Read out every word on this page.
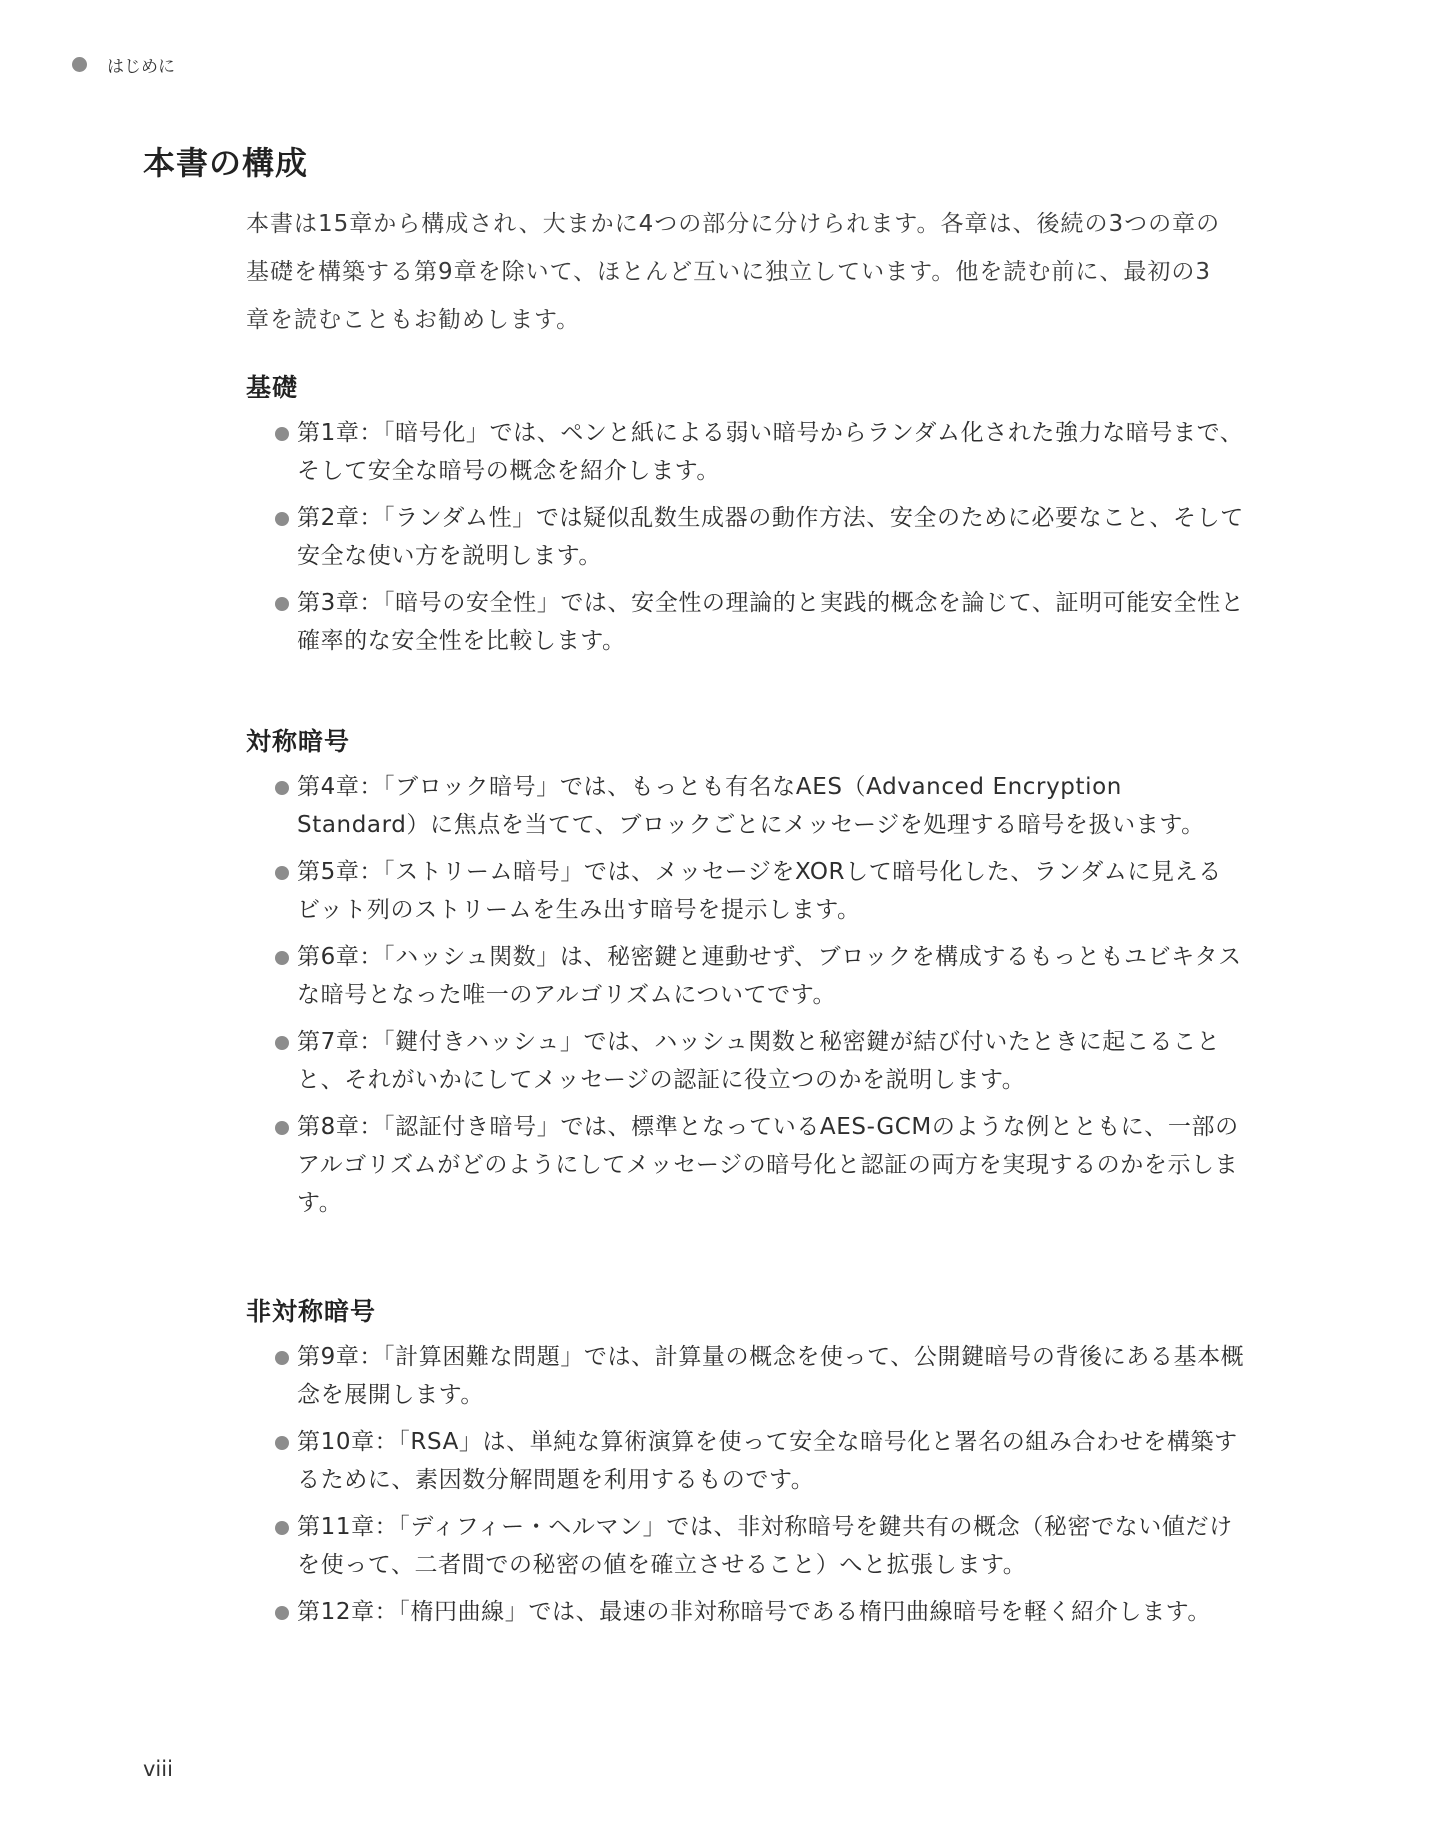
はじめに
本書の構成

本書は15章から構成され、大まかに4つの部分に分けられます。各章は、後続の3つの章の基礎を構築する第9章を除いて、ほとんど互いに独立しています。他を読む前に、最初の3章を読むこともお勧めします。

基礎
第1章：「暗号化」では、ペンと紙による弱い暗号からランダム化された強力な暗号まで、そして安全な暗号の概念を紹介します。
第2章：「ランダム性」では疑似乱数生成器の動作方法、安全のために必要なこと、そして安全な使い方を説明します。
第3章：「暗号の安全性」では、安全性の理論的と実践的概念を論じて、証明可能安全性と確率的な安全性を比較します。
対称暗号
第4章：「ブロック暗号」では、もっとも有名なAES（Advanced Encryption Standard）に焦点を当てて、ブロックごとにメッセージを処理する暗号を扱います。
第5章：「ストリーム暗号」では、メッセージをXORして暗号化した、ランダムに見えるビット列のストリームを生み出す暗号を提示します。
第6章：「ハッシュ関数」は、秘密鍵と連動せず、ブロックを構成するもっともユビキタスな暗号となった唯一のアルゴリズムについてです。
第7章：「鍵付きハッシュ」では、ハッシュ関数と秘密鍵が結び付いたときに起こることと、それがいかにしてメッセージの認証に役立つのかを説明します。
第8章：「認証付き暗号」では、標準となっているAES-GCMのような例とともに、一部のアルゴリズムがどのようにしてメッセージの暗号化と認証の両方を実現するのかを示します。
非対称暗号
第9章：「計算困難な問題」では、計算量の概念を使って、公開鍵暗号の背後にある基本概念を展開します。
第10章：「RSA」は、単純な算術演算を使って安全な暗号化と署名の組み合わせを構築するために、素因数分解問題を利用するものです。
第11章：「ディフィー・ヘルマン」では、非対称暗号を鍵共有の概念（秘密でない値だけを使って、二者間での秘密の値を確立させること）へと拡張します。
第12章：「楕円曲線」では、最速の非対称暗号である楕円曲線暗号を軽く紹介します。
viii
